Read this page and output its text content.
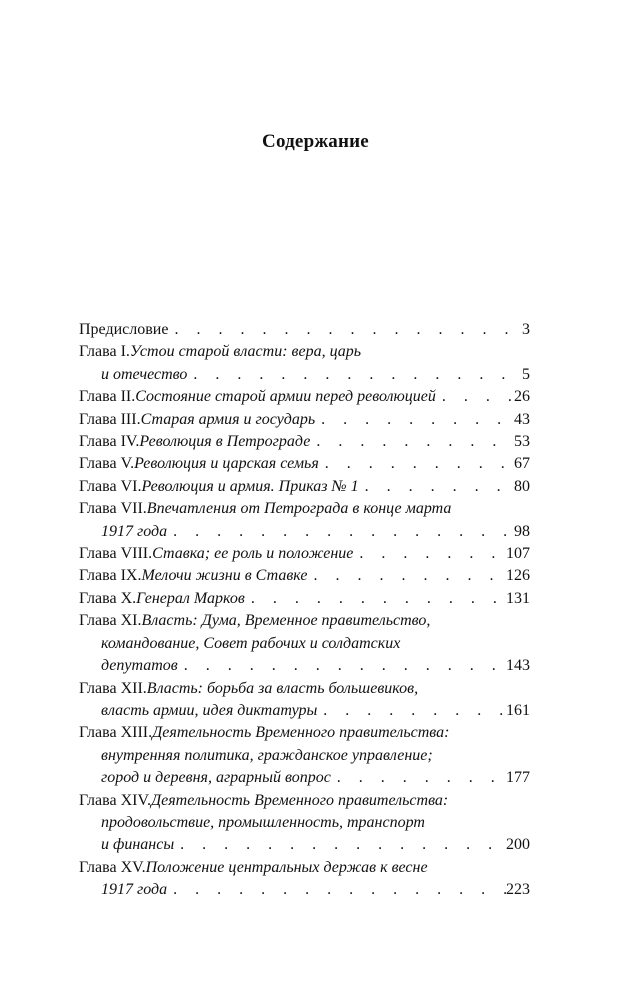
Содержание
Предисловие . . .	3
Глава I. Устои старой власти: вера, царь
и отечество . . .	5
Глава II. Состояние старой армии перед революцией . . .	26
Глава III. Старая армия и государь . . .	43
Глава IV. Революция в Петрограде . . .	53
Глава V. Революция и царская семья . . .	67
Глава VI. Революция и армия. Приказ № 1 . . .	80
Глава VII. Впечатления от Петрограда в конце марта
1917 года . . .	98
Глава VIII. Ставка; ее роль и положение . . .	107
Глава IX. Мелочи жизни в Ставке . . .	126
Глава X. Генерал Марков . . .	131
Глава XI. Власть: Дума, Временное правительство,
командование, Совет рабочих и солдатских
депутатов . . .	143
Глава XII. Власть: борьба за власть большевиков,
власть армии, идея диктатуры . . .	161
Глава XIII. Деятельность Временного правительства:
внутренняя политика, гражданское управление;
город и деревня, аграрный вопрос . . .	177
Глава XIV. Деятельность Временного правительства:
продовольствие, промышленность, транспорт
и финансы . . .	200
Глава XV. Положение центральных держав к весне
1917 года . . .	223
